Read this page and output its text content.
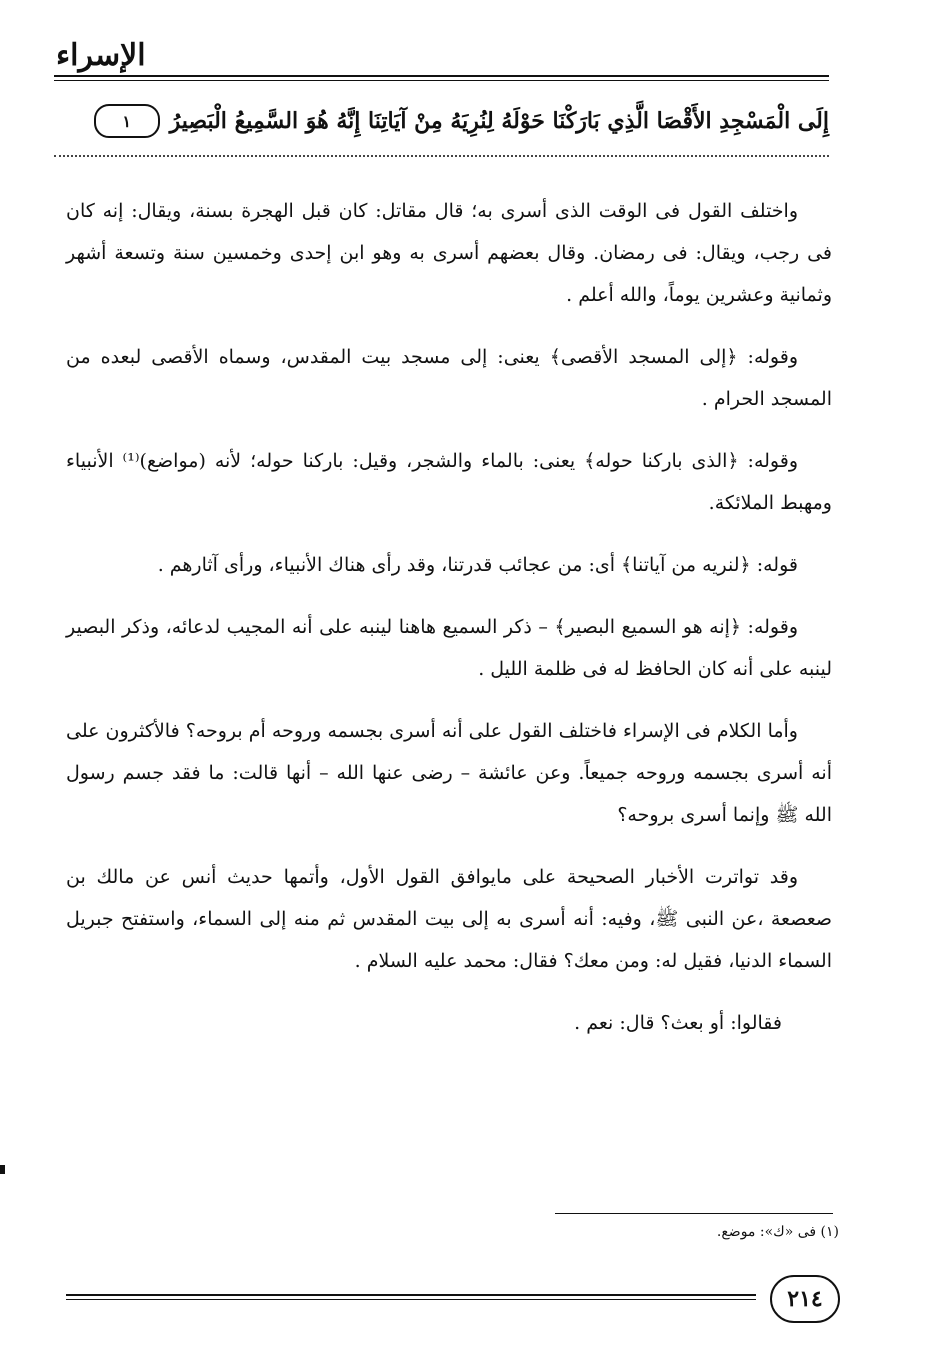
الإسراء
إِلَى الْمَسْجِدِ الأَقْصَا الَّذِي بَارَكْنَا حَوْلَهُ لِنُرِيَهُ مِنْ آيَاتِنَا إِنَّهُ هُوَ السَّمِيعُ الْبَصِيرُ
١

واختلف القول فى الوقت الذى أسرى به؛ قال مقاتل: كان قبل الهجرة بسنة، ويقال: إنه كان فى رجب، ويقال: فى رمضان. وقال بعضهم أسرى به وهو ابن إحدى وخمسين سنة وتسعة أشهر وثمانية وعشرين يوماً، والله أعلم .

وقوله: ﴿إلى المسجد الأقصى﴾ يعنى: إلى مسجد بيت المقدس، وسماه الأقصى لبعده من المسجد الحرام .

وقوله: ﴿الذى باركنا حوله﴾ يعنى: بالماء والشجر، وقيل: باركنا حوله؛ لأنه (مواضع)⁽¹⁾ الأنبياء ومهبط الملائكة.

قوله: ﴿لنريه من آياتنا﴾ أى: من عجائب قدرتنا، وقد رأى هناك الأنبياء، ورأى آثارهم .

وقوله: ﴿إنه هو السميع البصير﴾ – ذكر السميع هاهنا لينبه على أنه المجيب لدعائه، وذكر البصير لينبه على أنه كان الحافظ له فى ظلمة الليل .

وأما الكلام فى الإسراء فاختلف القول على أنه أسرى بجسمه وروحه أم بروحه؟ فالأكثرون على أنه أسرى بجسمه وروحه جميعاً. وعن عائشة – رضى عنها الله – أنها قالت: ما فقد جسم رسول الله ﷺ وإنما أسرى بروحه؟

وقد تواترت الأخبار الصحيحة على مايوافق القول الأول، وأتمها حديث أنس عن مالك بن صعصعة ،عن النبى ﷺ، وفيه: أنه أسرى به إلى بيت المقدس ثم منه إلى السماء، واستفتح جبريل السماء الدنيا، فقيل له: ومن معك؟ فقال: محمد عليه السلام .

فقالوا: أو بعث؟ قال: نعم .

(١) فى «ك»: موضع.
٢١٤
